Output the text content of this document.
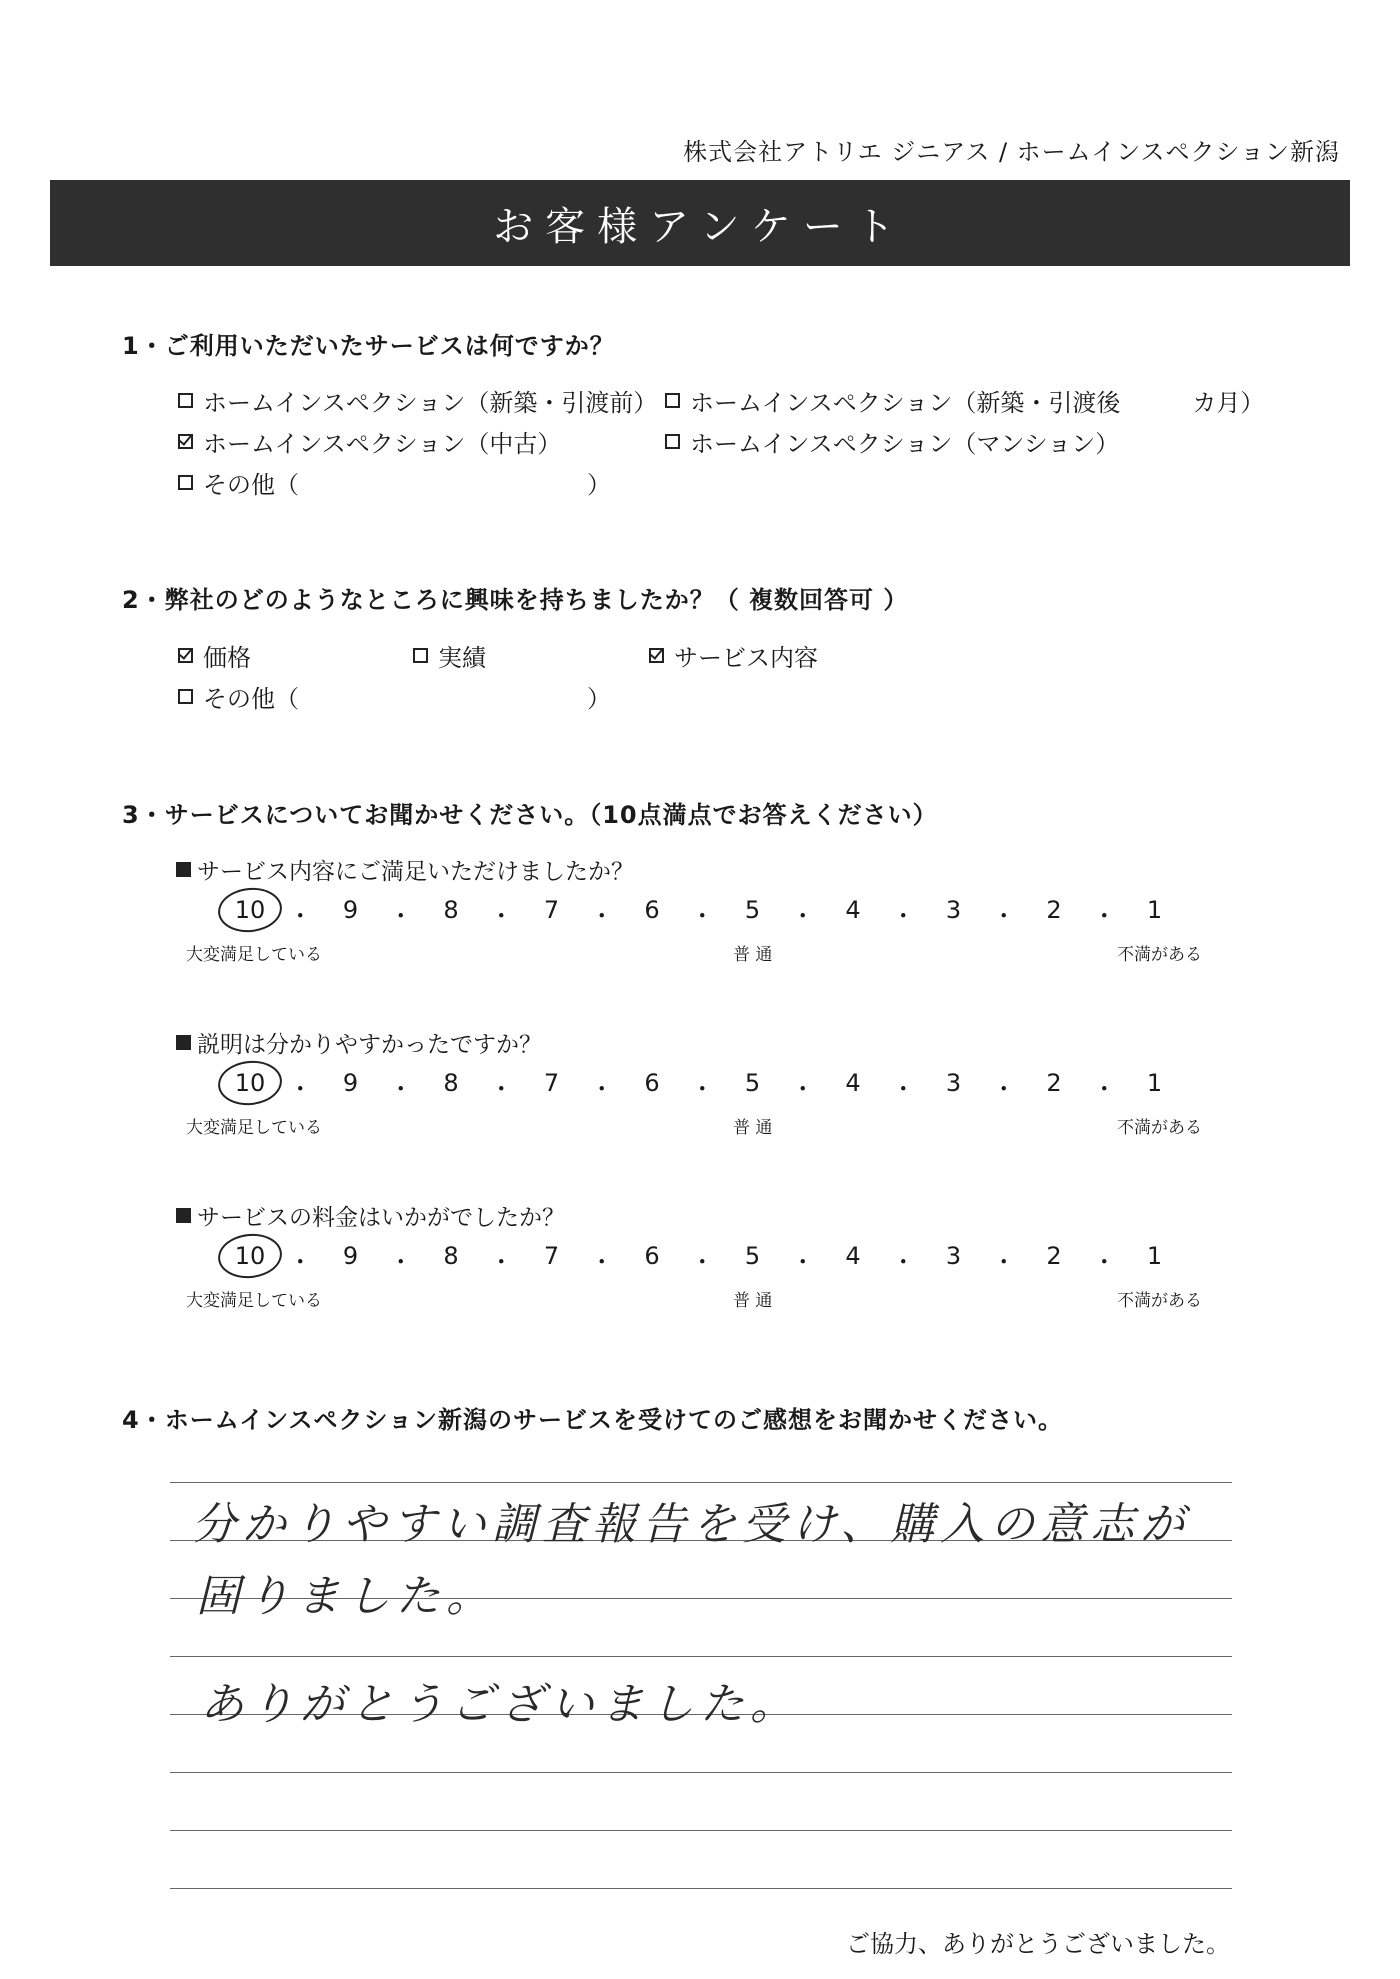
株式会社アトリエ ジニアス / ホームインスペクション新潟
お客様アンケート
1・ご利用いただいたサービスは何ですか？
ホームインスペクション（新築・引渡前） ホームインスペクション（新築・引渡後　　　カ月）
ホームインスペクション（中古）	ホームインスペクション（マンション）
その他（　　　　　　　　　　　　）
2・弊社のどのようなところに興味を持ちましたか？（ 複数回答可 ）
価格	実績	サービス内容
その他（　　　　　　　　　　　　）
3・サービスについてお聞かせください。（10点満点でお答えください）
サービス内容にご満足いただけましたか？
10 ・ 9 ・ 8 ・ 7 ・ 6 ・ 5 ・ 4 ・ 3 ・ 2 ・ 1
大変満足している	普 通	不満がある
説明は分かりやすかったですか？
10 ・ 9 ・ 8 ・ 7 ・ 6 ・ 5 ・ 4 ・ 3 ・ 2 ・ 1
大変満足している	普 通	不満がある
サービスの料金はいかがでしたか？
10 ・ 9 ・ 8 ・ 7 ・ 6 ・ 5 ・ 4 ・ 3 ・ 2 ・ 1
大変満足している	普 通	不満がある
4・ホームインスペクション新潟のサービスを受けてのご感想をお聞かせください。
分かりやすい調査報告を受け、購入の意志が
固りました。
ありがとうございました。
ご協力、ありがとうございました。
